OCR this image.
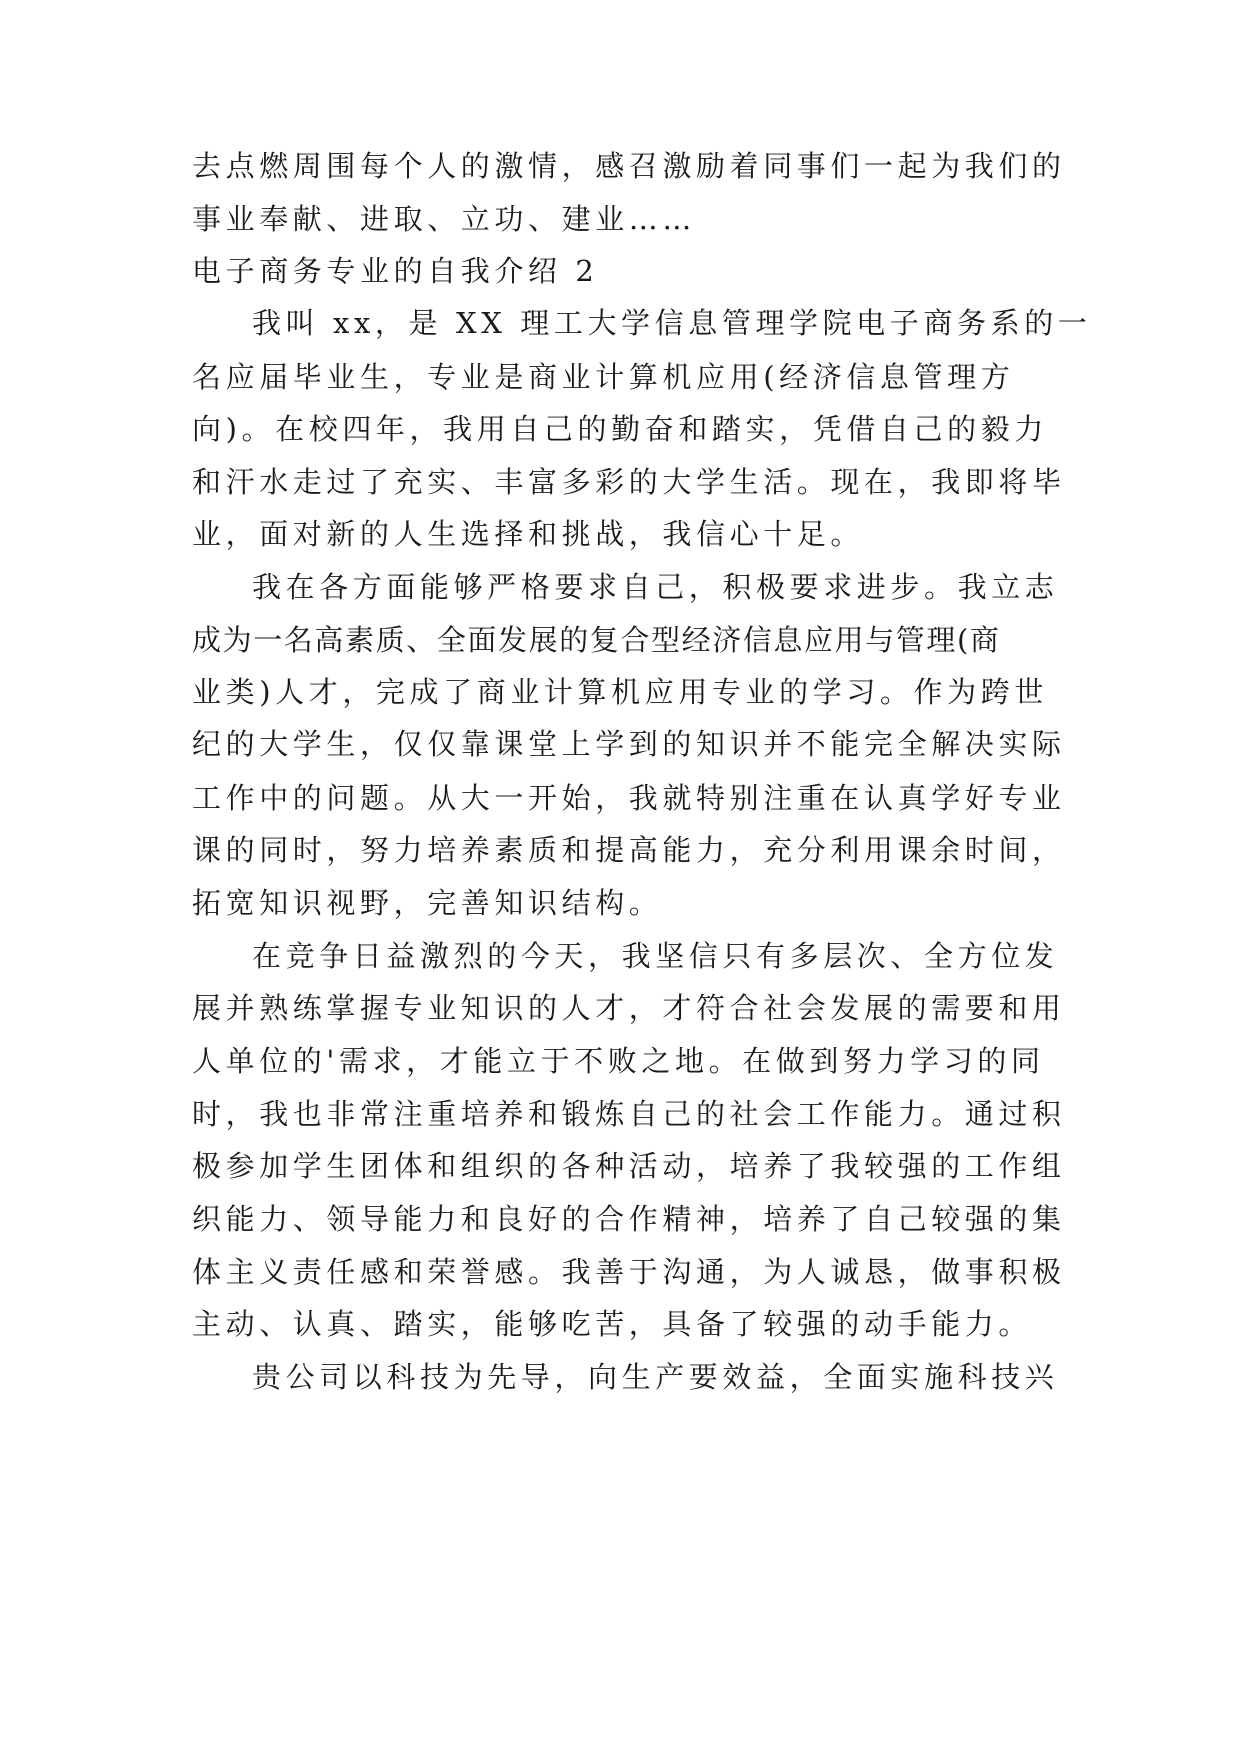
去点燃周围每个人的激情，感召激励着同事们一起为我们的
事业奉献、进取、立功、建业……
电子商务专业的自我介绍 2
我叫 xx，是 XX 理工大学信息管理学院电子商务系的一
名应届毕业生，专业是商业计算机应用(经济信息管理方
向)。在校四年，我用自己的勤奋和踏实，凭借自己的毅力
和汗水走过了充实、丰富多彩的大学生活。现在，我即将毕
业，面对新的人生选择和挑战，我信心十足。
我在各方面能够严格要求自己，积极要求进步。我立志
成为一名高素质、全面发展的复合型经济信息应用与管理(商
业类)人才，完成了商业计算机应用专业的学习。作为跨世
纪的大学生，仅仅靠课堂上学到的知识并不能完全解决实际
工作中的问题。从大一开始，我就特别注重在认真学好专业
课的同时，努力培养素质和提高能力，充分利用课余时间，
拓宽知识视野，完善知识结构。
在竞争日益激烈的今天，我坚信只有多层次、全方位发
展并熟练掌握专业知识的人才，才符合社会发展的需要和用
人单位的'需求，才能立于不败之地。在做到努力学习的同
时，我也非常注重培养和锻炼自己的社会工作能力。通过积
极参加学生团体和组织的各种活动，培养了我较强的工作组
织能力、领导能力和良好的合作精神，培养了自己较强的集
体主义责任感和荣誉感。我善于沟通，为人诚恳，做事积极
主动、认真、踏实，能够吃苦，具备了较强的动手能力。
贵公司以科技为先导，向生产要效益，全面实施科技兴
